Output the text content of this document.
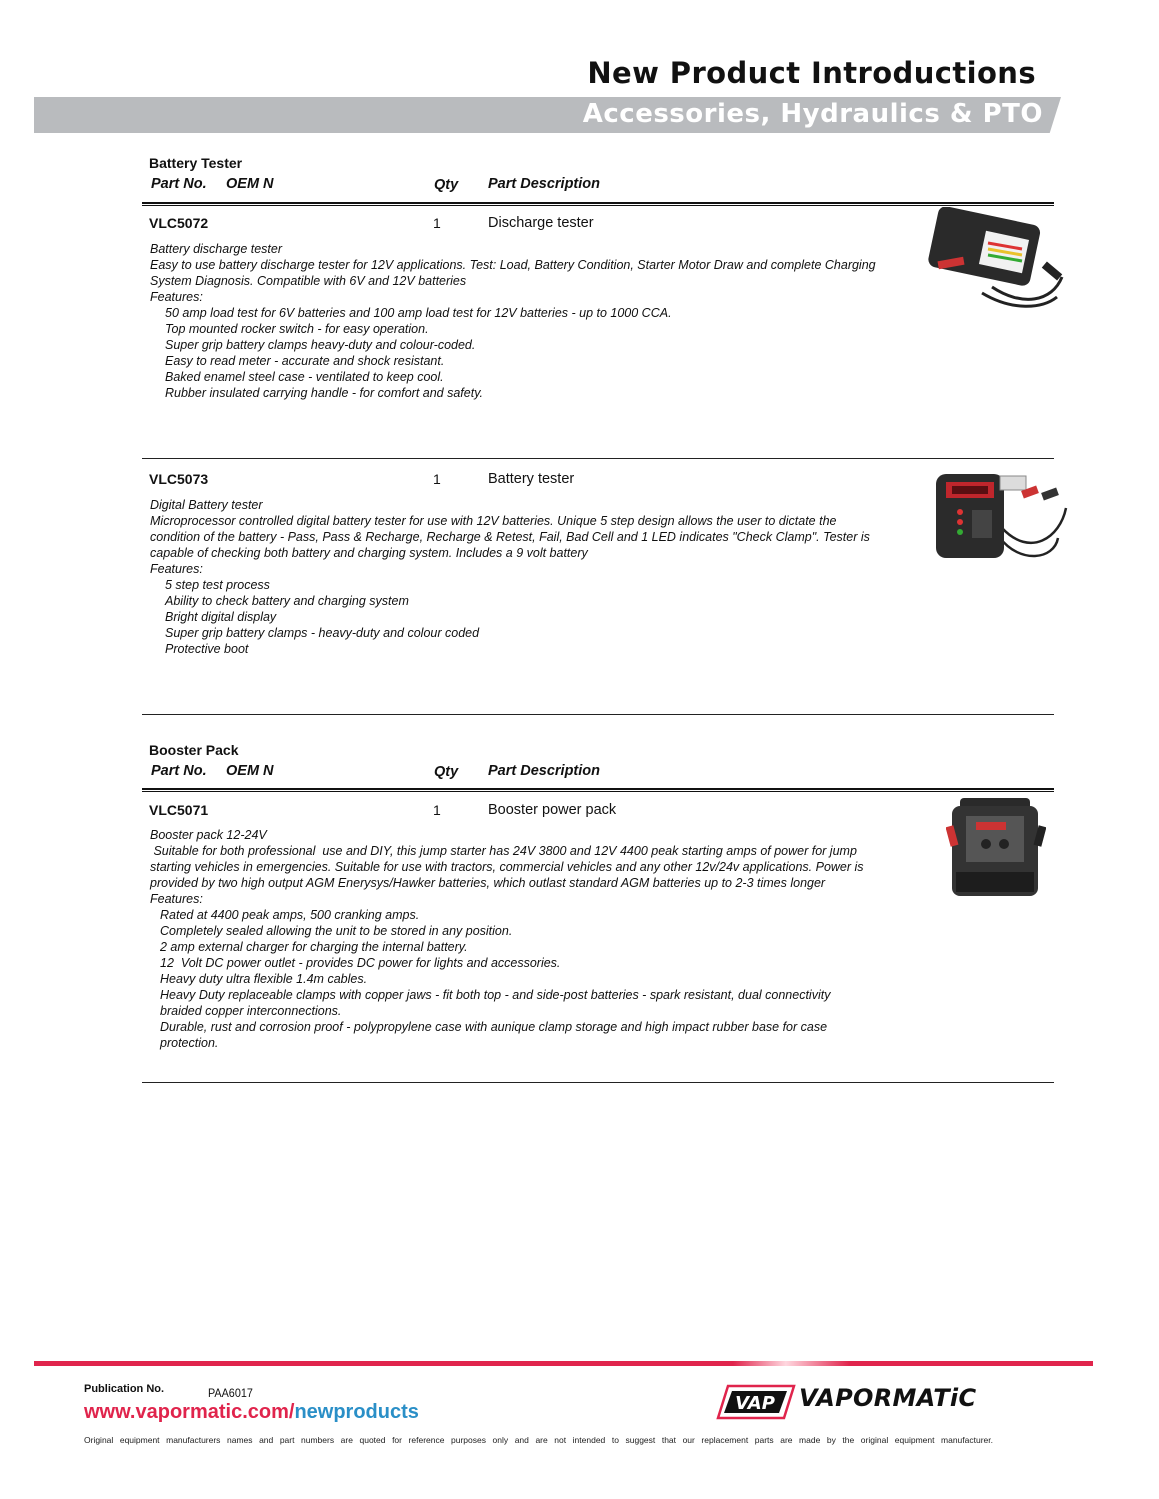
New Product Introductions
Accessories, Hydraulics & PTO
Battery Tester
Part No. OEM N	Qty Part Description
VLC5072	1	Discharge tester

Battery discharge tester

Easy to use battery discharge tester for 12V applications. Test: Load, Battery Condition, Starter Motor Draw and complete Charging

System Diagnosis. Compatible with 6V and 12V batteries

Features:

50 amp load test for 6V batteries and 100 amp load test for 12V batteries - up to 1000 CCA.

Top mounted rocker switch - for easy operation.

Super grip battery clamps heavy-duty and colour-coded.

Easy to read meter - accurate and shock resistant.

Baked enamel steel case - ventilated to keep cool.

Rubber insulated carrying handle - for comfort and safety.

VLC5073	1	Battery tester

Digital Battery tester

Microprocessor controlled digital battery tester for use with 12V batteries. Unique 5 step design allows the user to dictate the

condition of the battery - Pass, Pass & Recharge, Recharge & Retest, Fail, Bad Cell and 1 LED indicates "Check Clamp". Tester is

capable of checking both battery and charging system. Includes a 9 volt battery

Features:

5 step test process

Ability to check battery and charging system

Bright digital display

Super grip battery clamps - heavy-duty and colour coded

Protective boot

Booster Pack
Part No. OEM N	Qty Part Description
VLC5071	1	Booster power pack

Booster pack 12-24V

Suitable for both professional  use and DIY, this jump starter has 24V 3800 and 12V 4400 peak starting amps of power for jump

starting vehicles in emergencies. Suitable for use with tractors, commercial vehicles and any other 12v/24v applications. Power is

provided by two high output AGM Enerysys/Hawker batteries, which outlast standard AGM batteries up to 2-3 times longer

Features:

Rated at 4400 peak amps, 500 cranking amps.

Completely sealed allowing the unit to be stored in any position.

2 amp external charger for charging the internal battery.

12  Volt DC power outlet - provides DC power for lights and accessories.

Heavy duty ultra flexible 1.4m cables.

Heavy Duty replaceable clamps with copper jaws - fit both top - and side-post batteries - spark resistant, dual connectivity

braided copper interconnections.

Durable, rust and corrosion proof - polypropylene case with aunique clamp storage and high impact rubber base for case

protection.

Publication No.	PAA6017
www.vapormatic.com/newproducts	VAP VAPORMATiC
Original equipment manufacturers names and part numbers are quoted for reference purposes only and are not intended to suggest that our replacement parts are made by the original equipment manufacturer.
